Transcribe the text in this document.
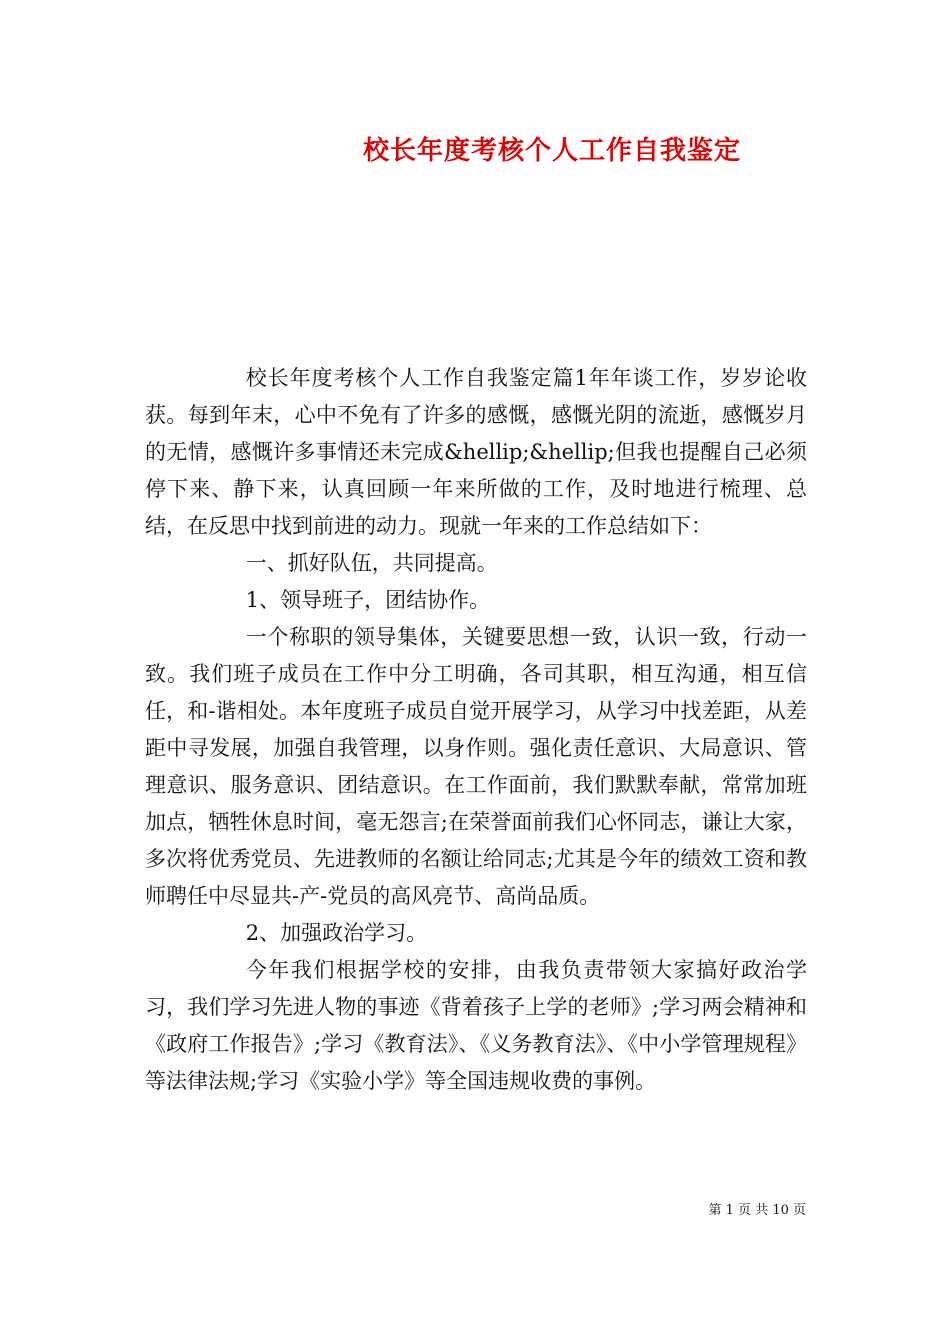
校长年度考核个人工作自我鉴定

校长年度考核个人工作自我鉴定篇1年年谈工作，岁岁论收获。每到年末，心中不免有了许多的感慨，感慨光阴的流逝，感慨岁月的无情，感慨许多事情还未完成&hellip;&hellip;但我也提醒自己必须停下来、静下来，认真回顾一年来所做的工作，及时地进行梳理、总结，在反思中找到前进的动力。现就一年来的工作总结如下：

一、抓好队伍，共同提高。

1、领导班子，团结协作。

一个称职的领导集体，关键要思想一致，认识一致，行动一致。我们班子成员在工作中分工明确，各司其职，相互沟通，相互信任，和-谐相处。本年度班子成员自觉开展学习，从学习中找差距，从差距中寻发展，加强自我管理，以身作则。强化责任意识、大局意识、管理意识、服务意识、团结意识。在工作面前，我们默默奉献，常常加班加点，牺牲休息时间，毫无怨言;在荣誉面前我们心怀同志，谦让大家，多次将优秀党员、先进教师的名额让给同志;尤其是今年的绩效工资和教师聘任中尽显共-产-党员的高风亮节、高尚品质。

2、加强政治学习。

今年我们根据学校的安排，由我负责带领大家搞好政治学习，我们学习先进人物的事迹《背着孩子上学的老师》;学习两会精神和《政府工作报告》;学习《教育法》、《义务教育法》、《中小学管理规程》等法律法规;学习《实验小学》等全国违规收费的事例。

第 1 页 共 10 页
